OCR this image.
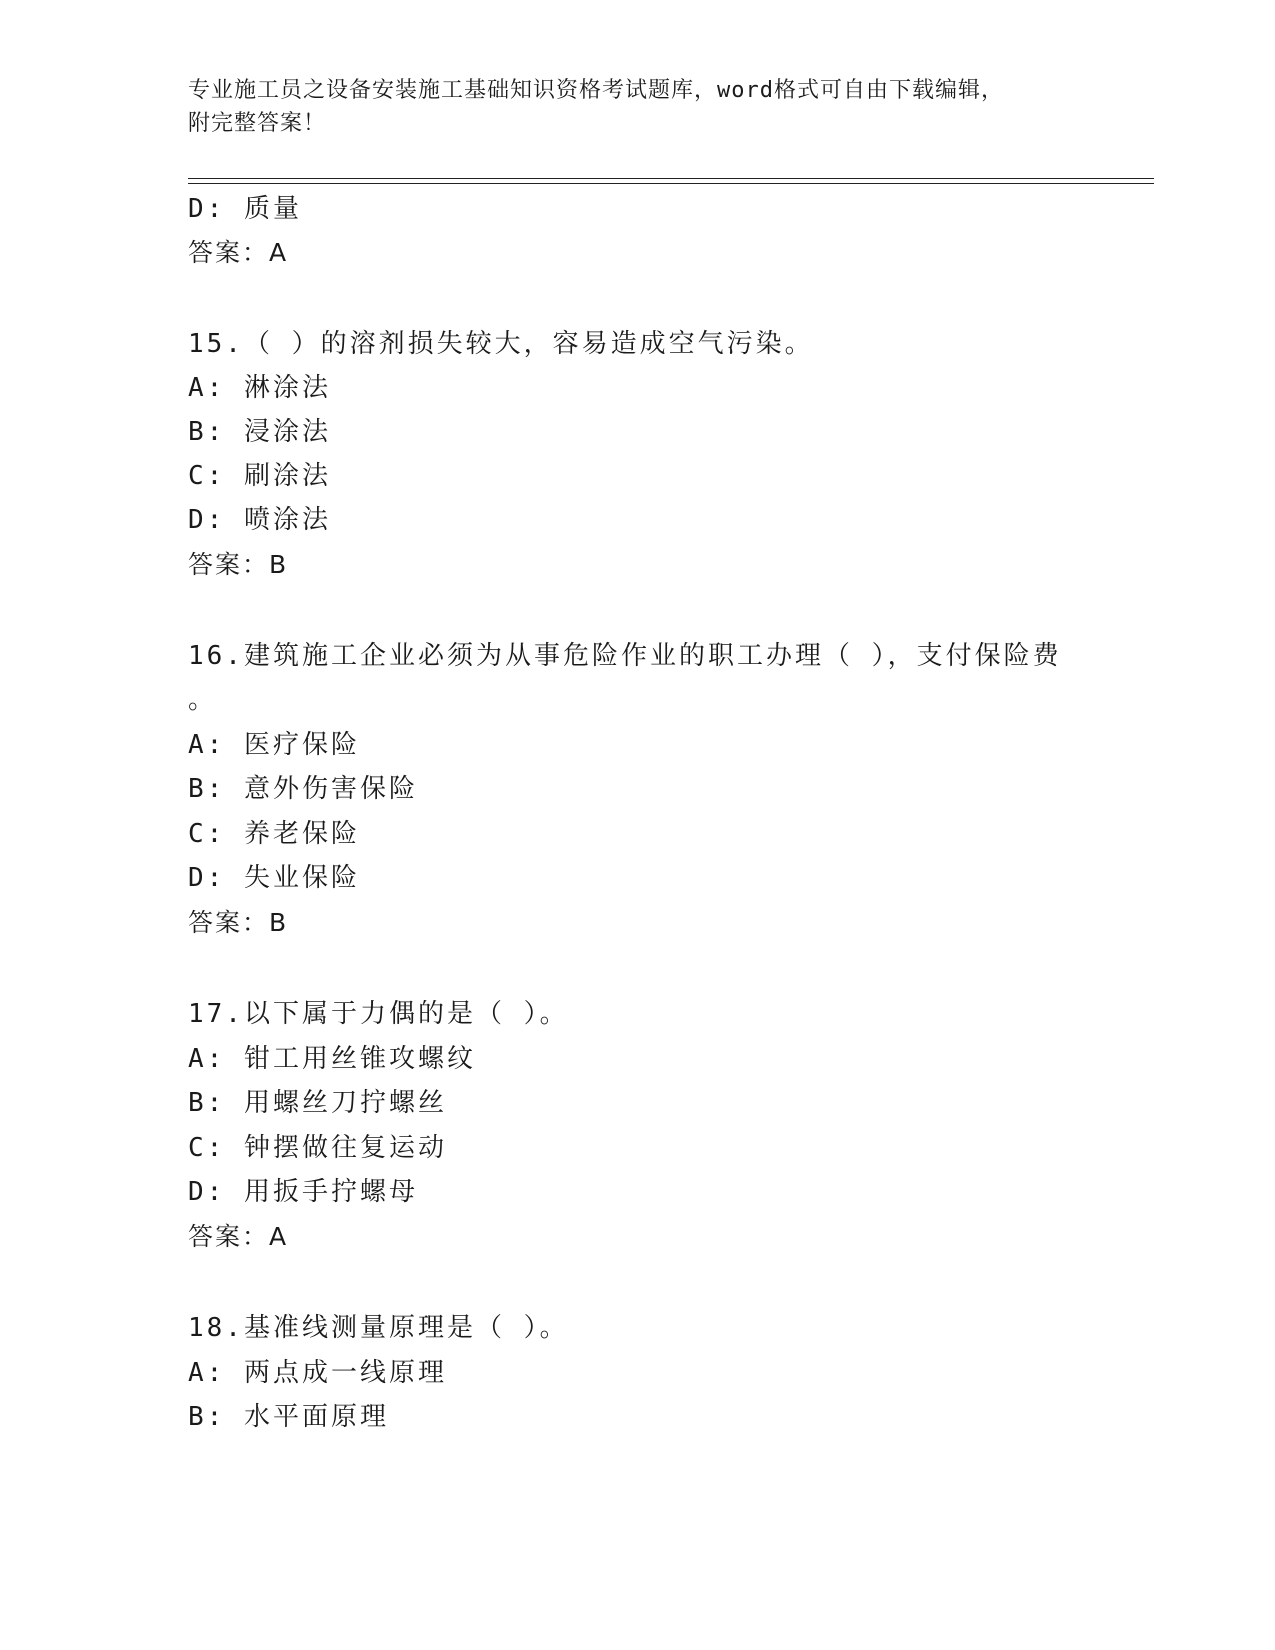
专业施工员之设备安装施工基础知识资格考试题库，word格式可自由下载编辑，
附完整答案！
D: 质量
答案：A
15.（ ）的溶剂损失较大，容易造成空气污染。
A: 淋涂法
B: 浸涂法
C: 刷涂法
D: 喷涂法
答案：B
16.建筑施工企业必须为从事危险作业的职工办理（ ），支付保险费
。
A: 医疗保险
B: 意外伤害保险
C: 养老保险
D: 失业保险
答案：B
17.以下属于力偶的是（ ）。
A: 钳工用丝锥攻螺纹
B: 用螺丝刀拧螺丝
C: 钟摆做往复运动
D: 用扳手拧螺母
答案：A
18.基准线测量原理是（ ）。
A: 两点成一线原理
B: 水平面原理
